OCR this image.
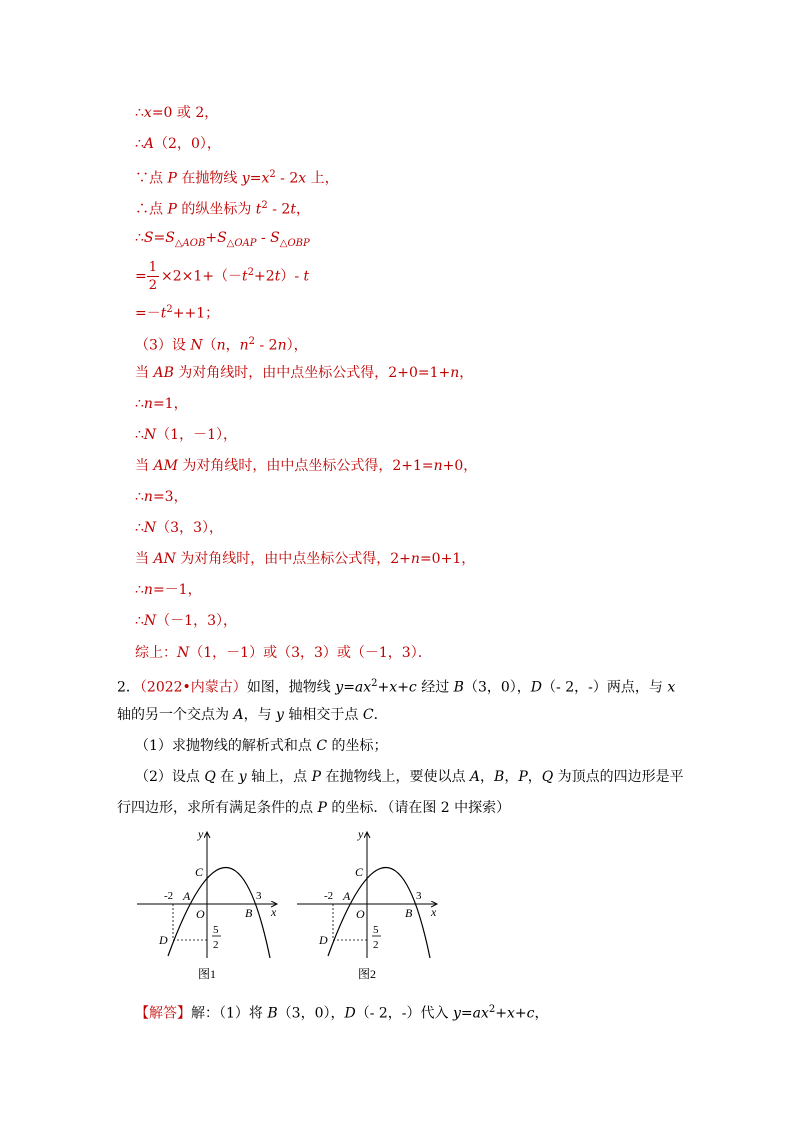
∴x=0 或 2，
∴A（2，0），
∵点 P 在抛物线 $y=x^2 - 2x$ 上，
∴点 P 的纵坐标为 $t^2 - 2t$，
$\therefore S=S_{\triangle AOB}+S_{\triangle OAP} - S_{\triangle OBP}$
= $\frac{1}{2} \times 2\times 1+(-t^2+2t)-$ t
$=-t^2++1$；
（3）设 N（n，$n^2 - 2n$），
当 AB 为对角线时，由中点坐标公式得，2+0=1+n，
∴n=1，
∴N（1，－1），
当 AM 为对角线时，由中点坐标公式得，2+1=n+0，
∴n=3，
∴N（3，3），
当 AN 为对角线时，由中点坐标公式得，2+n=0+1，
∴n=－1，
∴N（－1，3），
综上：N（1，－1）或（3，3）或（－1，3）．
2．（2022•内蒙古）如图，抛物线 $y=ax^2+x+c$ 经过 B（3，0），D（- 2，-）两点，与 x
轴的另一个交点为 A，与 y 轴相交于点 C．
（1）求抛物线的解析式和点 C 的坐标；
（2）设点 Q 在 y 轴上，点 P 在抛物线上，要使以点 A，B，P，Q 为顶点的四边形是平
行四边形，求所有满足条件的点 P 的坐标．（请在图 2 中探索）
y
x
C
A
O	B
D
-2	3
5
2
图1
y
x
C
A
O	B
D
-2	3
5
2
图2
【解答】解：（1）将 B（3，0），D（- 2，-）代入 $y=ax^2+x+c$，
